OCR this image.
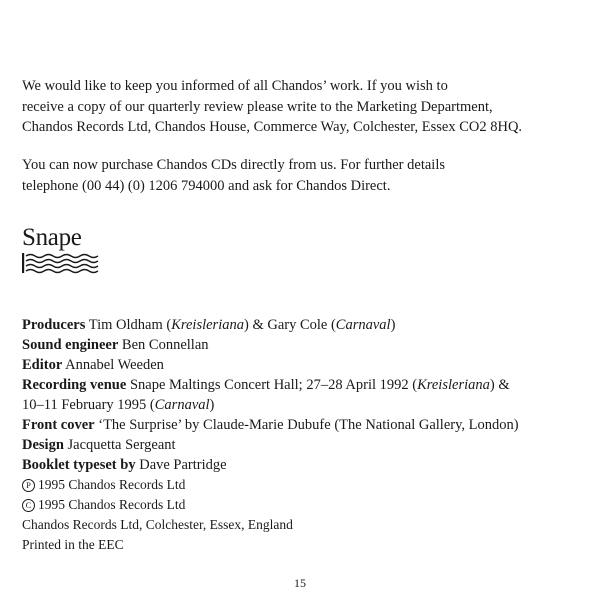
We would like to keep you informed of all Chandos’ work. If you wish to
receive a copy of our quarterly review please write to the Marketing Department,
Chandos Records Ltd, Chandos House, Commerce Way, Colchester, Essex CO2 8HQ.
You can now purchase Chandos CDs directly from us. For further details
telephone (00 44) (0) 1206 794000 and ask for Chandos Direct.
Snape
Producers Tim Oldham (Kreisleriana) & Gary Cole (Carnaval)
Sound engineer Ben Connellan
Editor Annabel Weeden
Recording venue Snape Maltings Concert Hall; 27–28 April 1992 (Kreisleriana) &
10–11 February 1995 (Carnaval)
Front cover ‘The Surprise’ by Claude-Marie Dubufe (The National Gallery, London)
Design Jacquetta Sergeant
Booklet typeset by Dave Partridge
P 1995 Chandos Records Ltd
C 1995 Chandos Records Ltd
Chandos Records Ltd, Colchester, Essex, England
Printed in the EEC
15
